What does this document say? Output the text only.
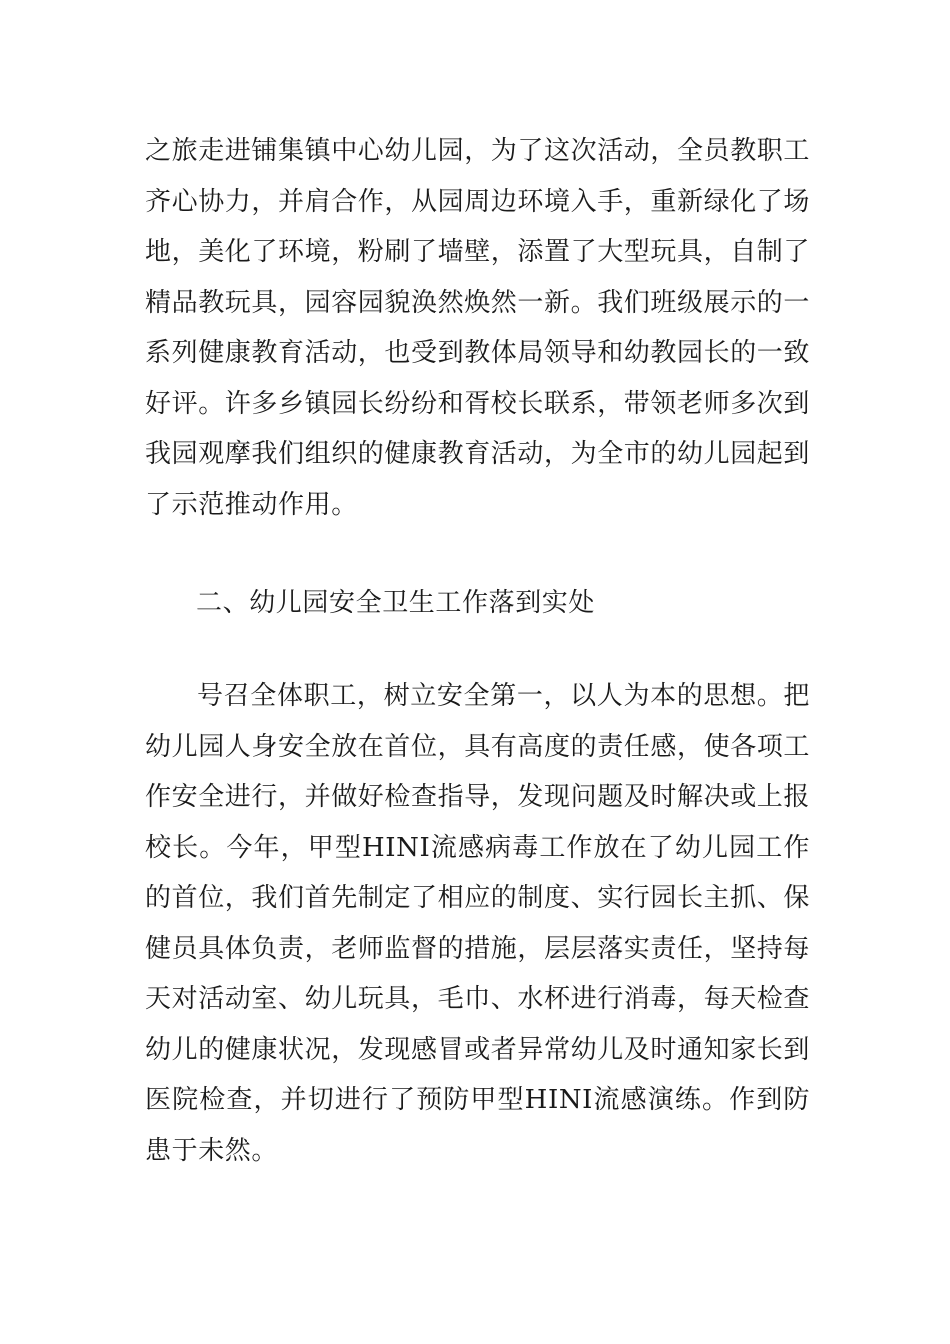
之旅走进铺集镇中心幼儿园，为了这次活动，全员教职工齐心协力，并肩合作，从园周边环境入手，重新绿化了场地，美化了环境，粉刷了墙壁，添置了大型玩具，自制了精品教玩具，园容园貌涣然焕然一新。我们班级展示的一系列健康教育活动，也受到教体局领导和幼教园长的一致好评。许多乡镇园长纷纷和胥校长联系，带领老师多次到我园观摩我们组织的健康教育活动，为全市的幼儿园起到了示范推动作用。
二、幼儿园安全卫生工作落到实处
号召全体职工，树立安全第一，以人为本的思想。把幼儿园人身安全放在首位，具有高度的责任感，使各项工作安全进行，并做好检查指导，发现问题及时解决或上报校长。今年，甲型HINI流感病毒工作放在了幼儿园工作的首位，我们首先制定了相应的制度、实行园长主抓、保健员具体负责，老师监督的措施，层层落实责任，坚持每天对活动室、幼儿玩具，毛巾、水杯进行消毒，每天检查幼儿的健康状况，发现感冒或者异常幼儿及时通知家长到医院检查，并切进行了预防甲型HINI流感演练。作到防患于未然。
